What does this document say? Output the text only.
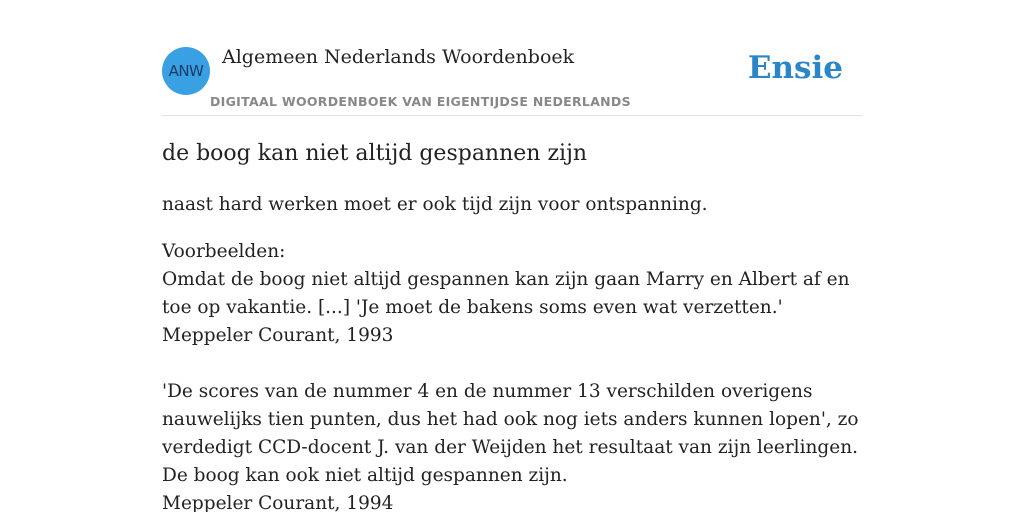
ANW
Algemeen Nederlands Woordenboek
DIGITAAL WOORDENBOEK VAN EIGENTIJDSE NEDERLANDS
Ensie
de boog kan niet altijd gespannen zijn

naast hard werken moet er ook tijd zijn voor ontspanning.

Voorbeelden:
Omdat de boog niet altijd gespannen kan zijn gaan Marry en Albert af en toe op vakantie. [...] 'Je moet de bakens soms even wat verzetten.'
Meppeler Courant, 1993
'De scores van de nummer 4 en de nummer 13 verschilden overigens nauwelijks tien punten, dus het had ook nog iets anders kunnen lopen', zo verdedigt CCD-docent J. van der Weijden het resultaat van zijn leerlingen. De boog kan ook niet altijd gespannen zijn.
Meppeler Courant, 1994
